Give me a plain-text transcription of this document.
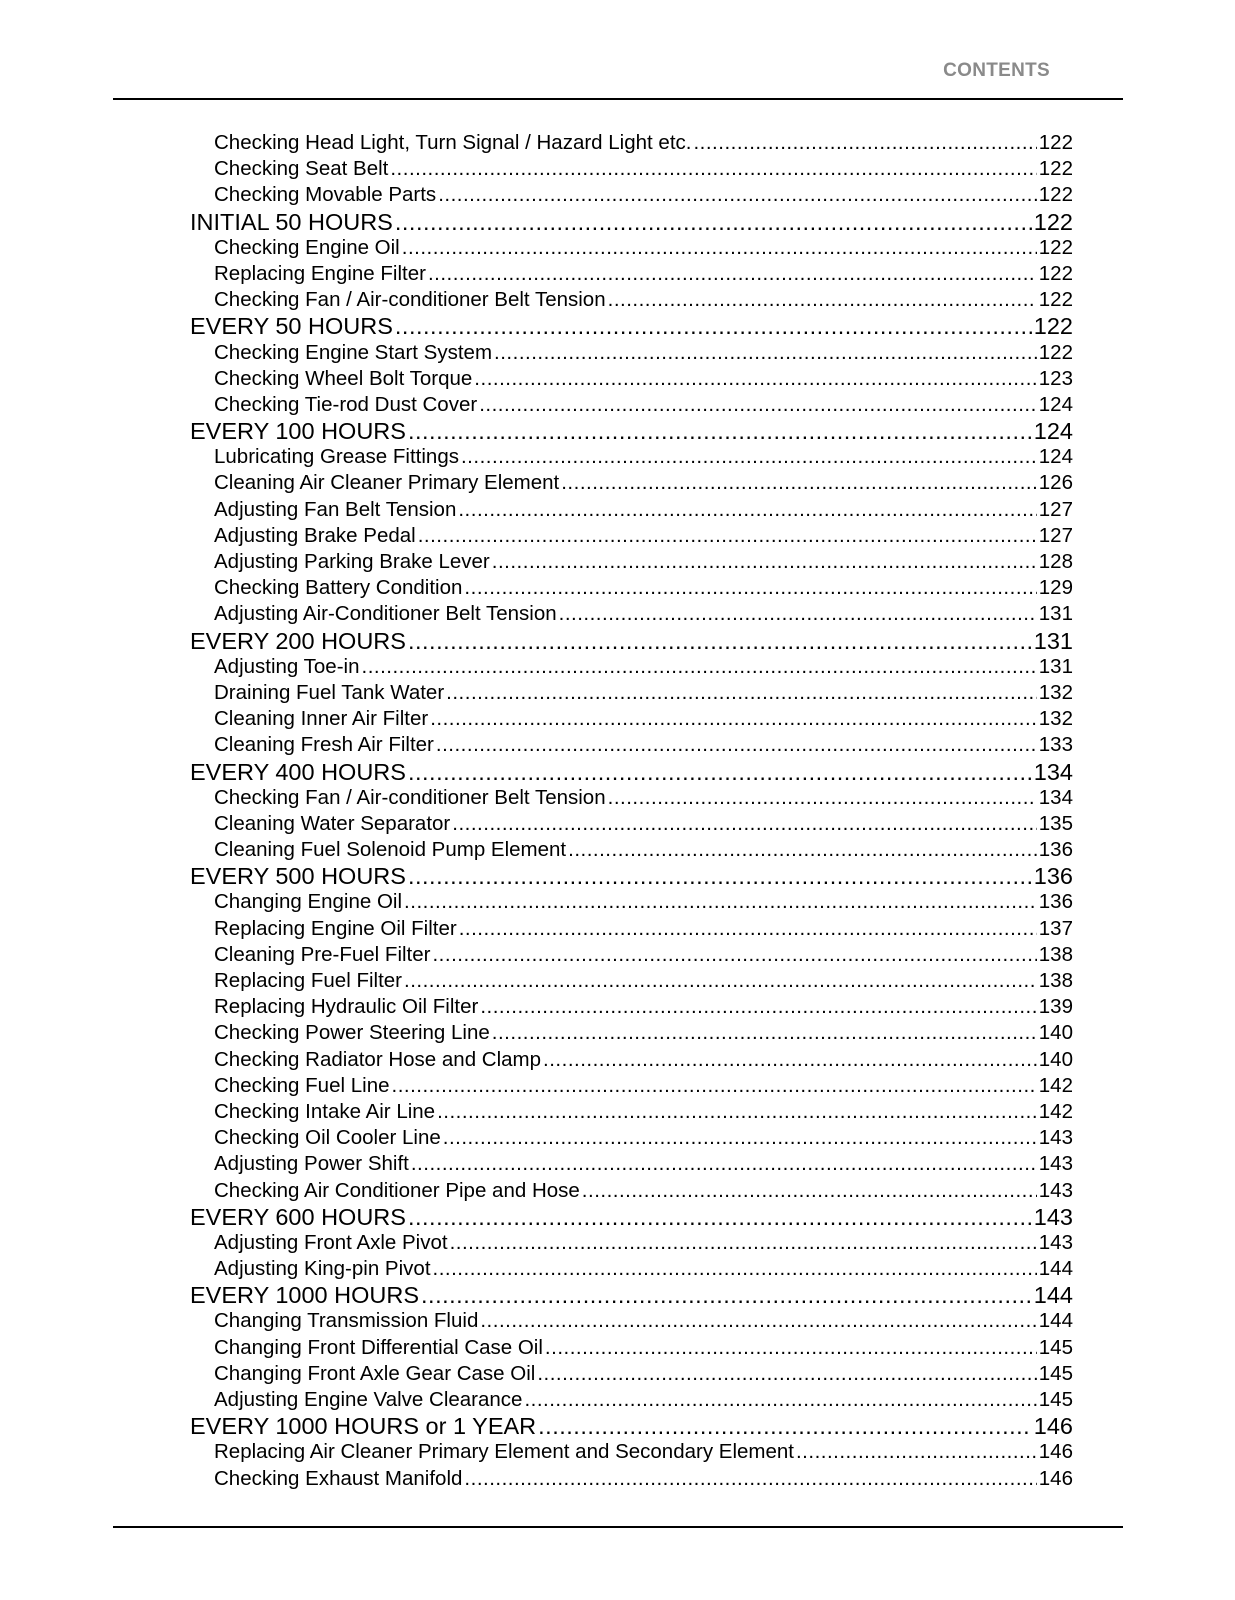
CONTENTS
Checking Head Light, Turn Signal / Hazard Light etc. .....	122
Checking Seat Belt .....	122
Checking Movable Parts .....	122
INITIAL 50 HOURS .....	122
Checking Engine Oil .....	122
Replacing Engine Filter .....	122
Checking Fan / Air-conditioner Belt Tension .....	122
EVERY 50 HOURS .....	122
Checking Engine Start System .....	122
Checking Wheel Bolt Torque .....	123
Checking Tie-rod Dust Cover .....	124
EVERY 100 HOURS .....	124
Lubricating Grease Fittings .....	124
Cleaning Air Cleaner Primary Element .....	126
Adjusting Fan Belt Tension .....	127
Adjusting Brake Pedal .....	127
Adjusting Parking Brake Lever .....	128
Checking Battery Condition .....	129
Adjusting Air-Conditioner Belt Tension .....	131
EVERY 200 HOURS .....	131
Adjusting Toe-in .....	131
Draining Fuel Tank Water .....	132
Cleaning Inner Air Filter .....	132
Cleaning Fresh Air Filter .....	133
EVERY 400 HOURS .....	134
Checking Fan / Air-conditioner Belt Tension .....	134
Cleaning Water Separator .....	135
Cleaning Fuel Solenoid Pump Element .....	136
EVERY 500 HOURS .....	136
Changing Engine Oil .....	136
Replacing Engine Oil Filter .....	137
Cleaning Pre-Fuel Filter .....	138
Replacing Fuel Filter .....	138
Replacing Hydraulic Oil Filter .....	139
Checking Power Steering Line .....	140
Checking Radiator Hose and Clamp .....	140
Checking Fuel Line .....	142
Checking Intake Air Line .....	142
Checking Oil Cooler Line .....	143
Adjusting Power Shift .....	143
Checking Air Conditioner Pipe and Hose .....	143
EVERY 600 HOURS .....	143
Adjusting Front Axle Pivot .....	143
Adjusting King-pin Pivot .....	144
EVERY 1000 HOURS .....	144
Changing Transmission Fluid .....	144
Changing Front Differential Case Oil .....	145
Changing Front Axle Gear Case Oil .....	145
Adjusting Engine Valve Clearance .....	145
EVERY 1000 HOURS or 1 YEAR .....	146
Replacing Air Cleaner Primary Element and Secondary Element .....	146
Checking Exhaust Manifold .....	146
